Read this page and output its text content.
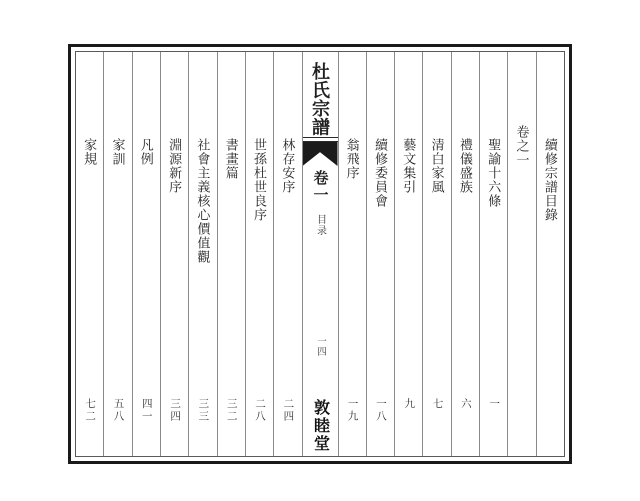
續修宗譜目錄
卷之一
聖諭十六條
一
禮儀盛族
六
清白家風
七
藝文集引
九
續修委員會
一八
翁飛序
一九
杜氏宗譜
卷一
目录
一四
敦睦堂
林存安序
二四
世孫杜世良序
二八
書畫篇
三二
社會主義核心價值觀
三三
淵源新序
三四
凡例
四一
家訓
五八
家規
七二
